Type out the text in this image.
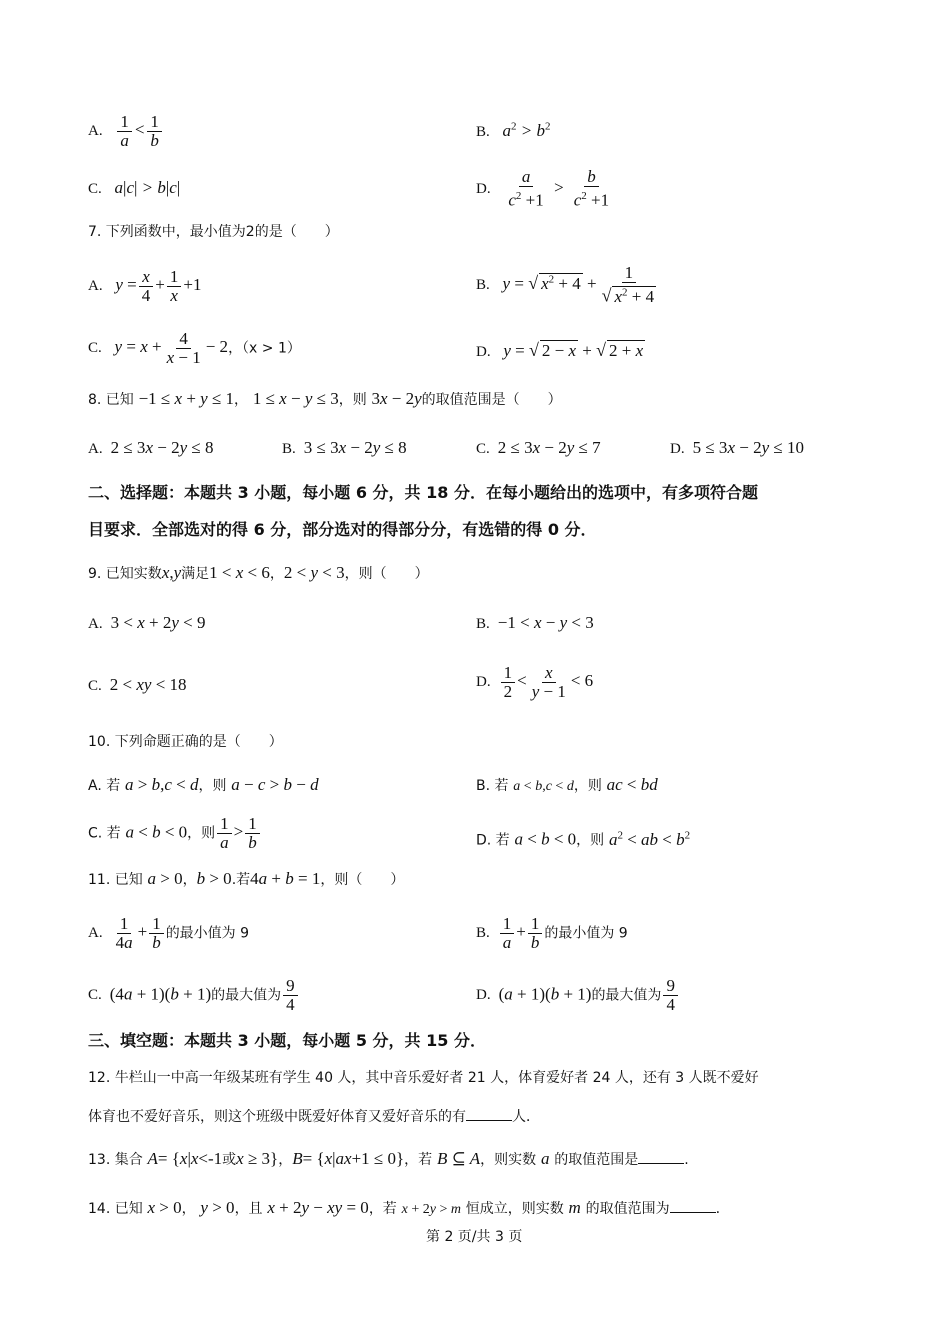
A. $\frac{1}{a} < \frac{1}{b}$	B. $a^2 > b^2$
C. a|c| > b|c|	D. $\frac{a}{c^2 +1} > \frac{b}{c^2 +1}$
7. 下列函数中，最小值为2的是（　　）
A. $y = \frac{x}{4} + \frac{1}{x} +1$	B. y = √ $x^2 + 4 + \frac{1}{√ x^2 + 4}$
C. $y = x + \frac{4}{x - 1} - 2$，（x > 1）	D. y = √ 2 − x + √ 2 + x
8. 已知 −1 ≤ x + y ≤ 1， 1 ≤ x − y ≤ 3，则 3x − 2y的取值范围是（　　）
A. 2 ≤ 3x − 2y ≤ 8	B. 3 ≤ 3x − 2y ≤ 8	C. 2 ≤ 3x − 2y ≤ 7	D. 5 ≤ 3x − 2y ≤ 10
二、选择题：本题共 3 小题，每小题 6 分，共 18 分．在每小题给出的选项中，有多项符合题
目要求．全部选对的得 6 分，部分选对的得部分分，有选错的得 0 分．
9. 已知实数x,y满足1 < x < 6，2 < y < 3，则（　　）
A. 3 < x + 2y < 9	B. −1 < x − y < 3
C. 2 < xy < 18	D. $\frac{1}{2} < \frac{x}{y - 1} < 6$
10. 下列命题正确的是（　　）
A. 若 a > b,c < d，则 a − c > b − d	B. 若 a < b,c < d，则 ac < bd
C. 若 a < b < 0，则 $\frac{1}{a} > \frac{1}{b}$	D. 若 a < b < 0，则 $a^2$ < ab < $b^2$
11. 已知 a > 0，b > 0.若4a + b = 1，则（　　）
A. $\frac{1}{4a} + \frac{1}{b}$ 的最小值为 9	B. $\frac{1}{a} + \frac{1}{b}$ 的最小值为 9
C. (4a + 1)(b + 1)的最大值为 $\frac{9}{4}$	D. (a + 1)(b + 1)的最大值为 $\frac{9}{4}$
三、填空题：本题共 3 小题，每小题 5 分，共 15 分．
12. 牛栏山一中高一年级某班有学生 40 人，其中音乐爱好者 21 人，体育爱好者 24 人，还有 3 人既不爱好
体育也不爱好音乐，则这个班级中既爱好体育又爱好音乐的有	人．
13. 集合 A= {x|x<-1或x ≥ 3}，B= {x|ax+1 ≤ 0}，若 B ⊆ A，则实数 a 的取值范围是	.
14. 已知 x > 0， y > 0，且 x + 2y − xy = 0，若 x + 2y > m 恒成立，则实数 m 的取值范围为	.
第 2 页/共 3 页
